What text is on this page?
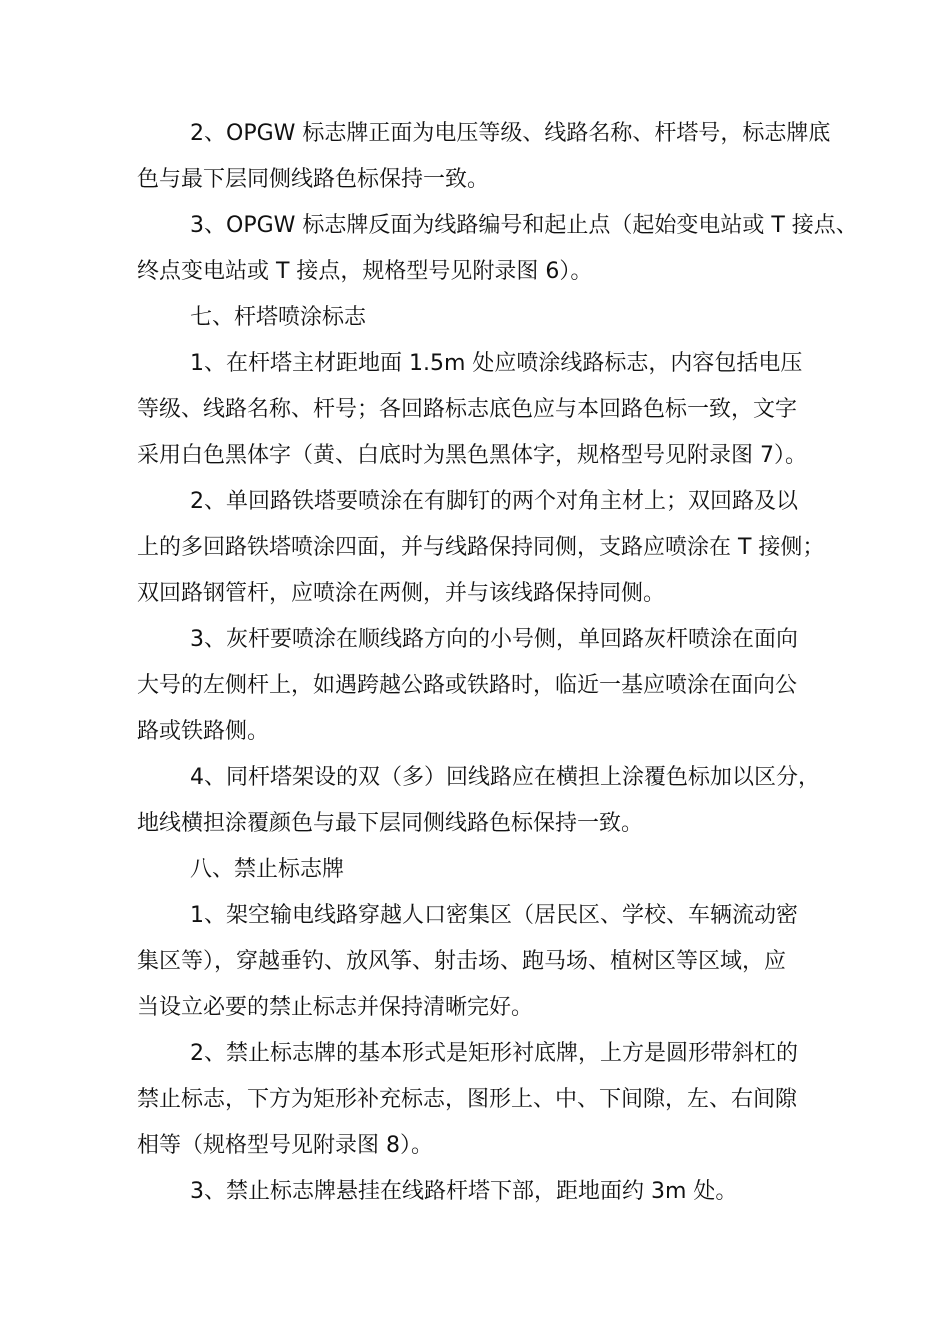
2、OPGW 标志牌正面为电压等级、线路名称、杆塔号，标志牌底
色与最下层同侧线路色标保持一致。
3、OPGW 标志牌反面为线路编号和起止点（起始变电站或 T 接点、
终点变电站或 T 接点，规格型号见附录图 6）。
七、杆塔喷涂标志
1、在杆塔主材距地面 1.5m 处应喷涂线路标志，内容包括电压
等级、线路名称、杆号；各回路标志底色应与本回路色标一致，文字
采用白色黑体字（黄、白底时为黑色黑体字，规格型号见附录图 7）。
2、单回路铁塔要喷涂在有脚钉的两个对角主材上；双回路及以
上的多回路铁塔喷涂四面，并与线路保持同侧，支路应喷涂在 T 接侧；
双回路钢管杆，应喷涂在两侧，并与该线路保持同侧。
3、灰杆要喷涂在顺线路方向的小号侧，单回路灰杆喷涂在面向
大号的左侧杆上，如遇跨越公路或铁路时，临近一基应喷涂在面向公
路或铁路侧。
4、同杆塔架设的双（多）回线路应在横担上涂覆色标加以区分，
地线横担涂覆颜色与最下层同侧线路色标保持一致。
八、禁止标志牌
1、架空输电线路穿越人口密集区（居民区、学校、车辆流动密
集区等），穿越垂钓、放风筝、射击场、跑马场、植树区等区域，应
当设立必要的禁止标志并保持清晰完好。
2、禁止标志牌的基本形式是矩形衬底牌，上方是圆形带斜杠的
禁止标志，下方为矩形补充标志，图形上、中、下间隙，左、右间隙
相等（规格型号见附录图 8）。
3、禁止标志牌悬挂在线路杆塔下部，距地面约 3m 处。
